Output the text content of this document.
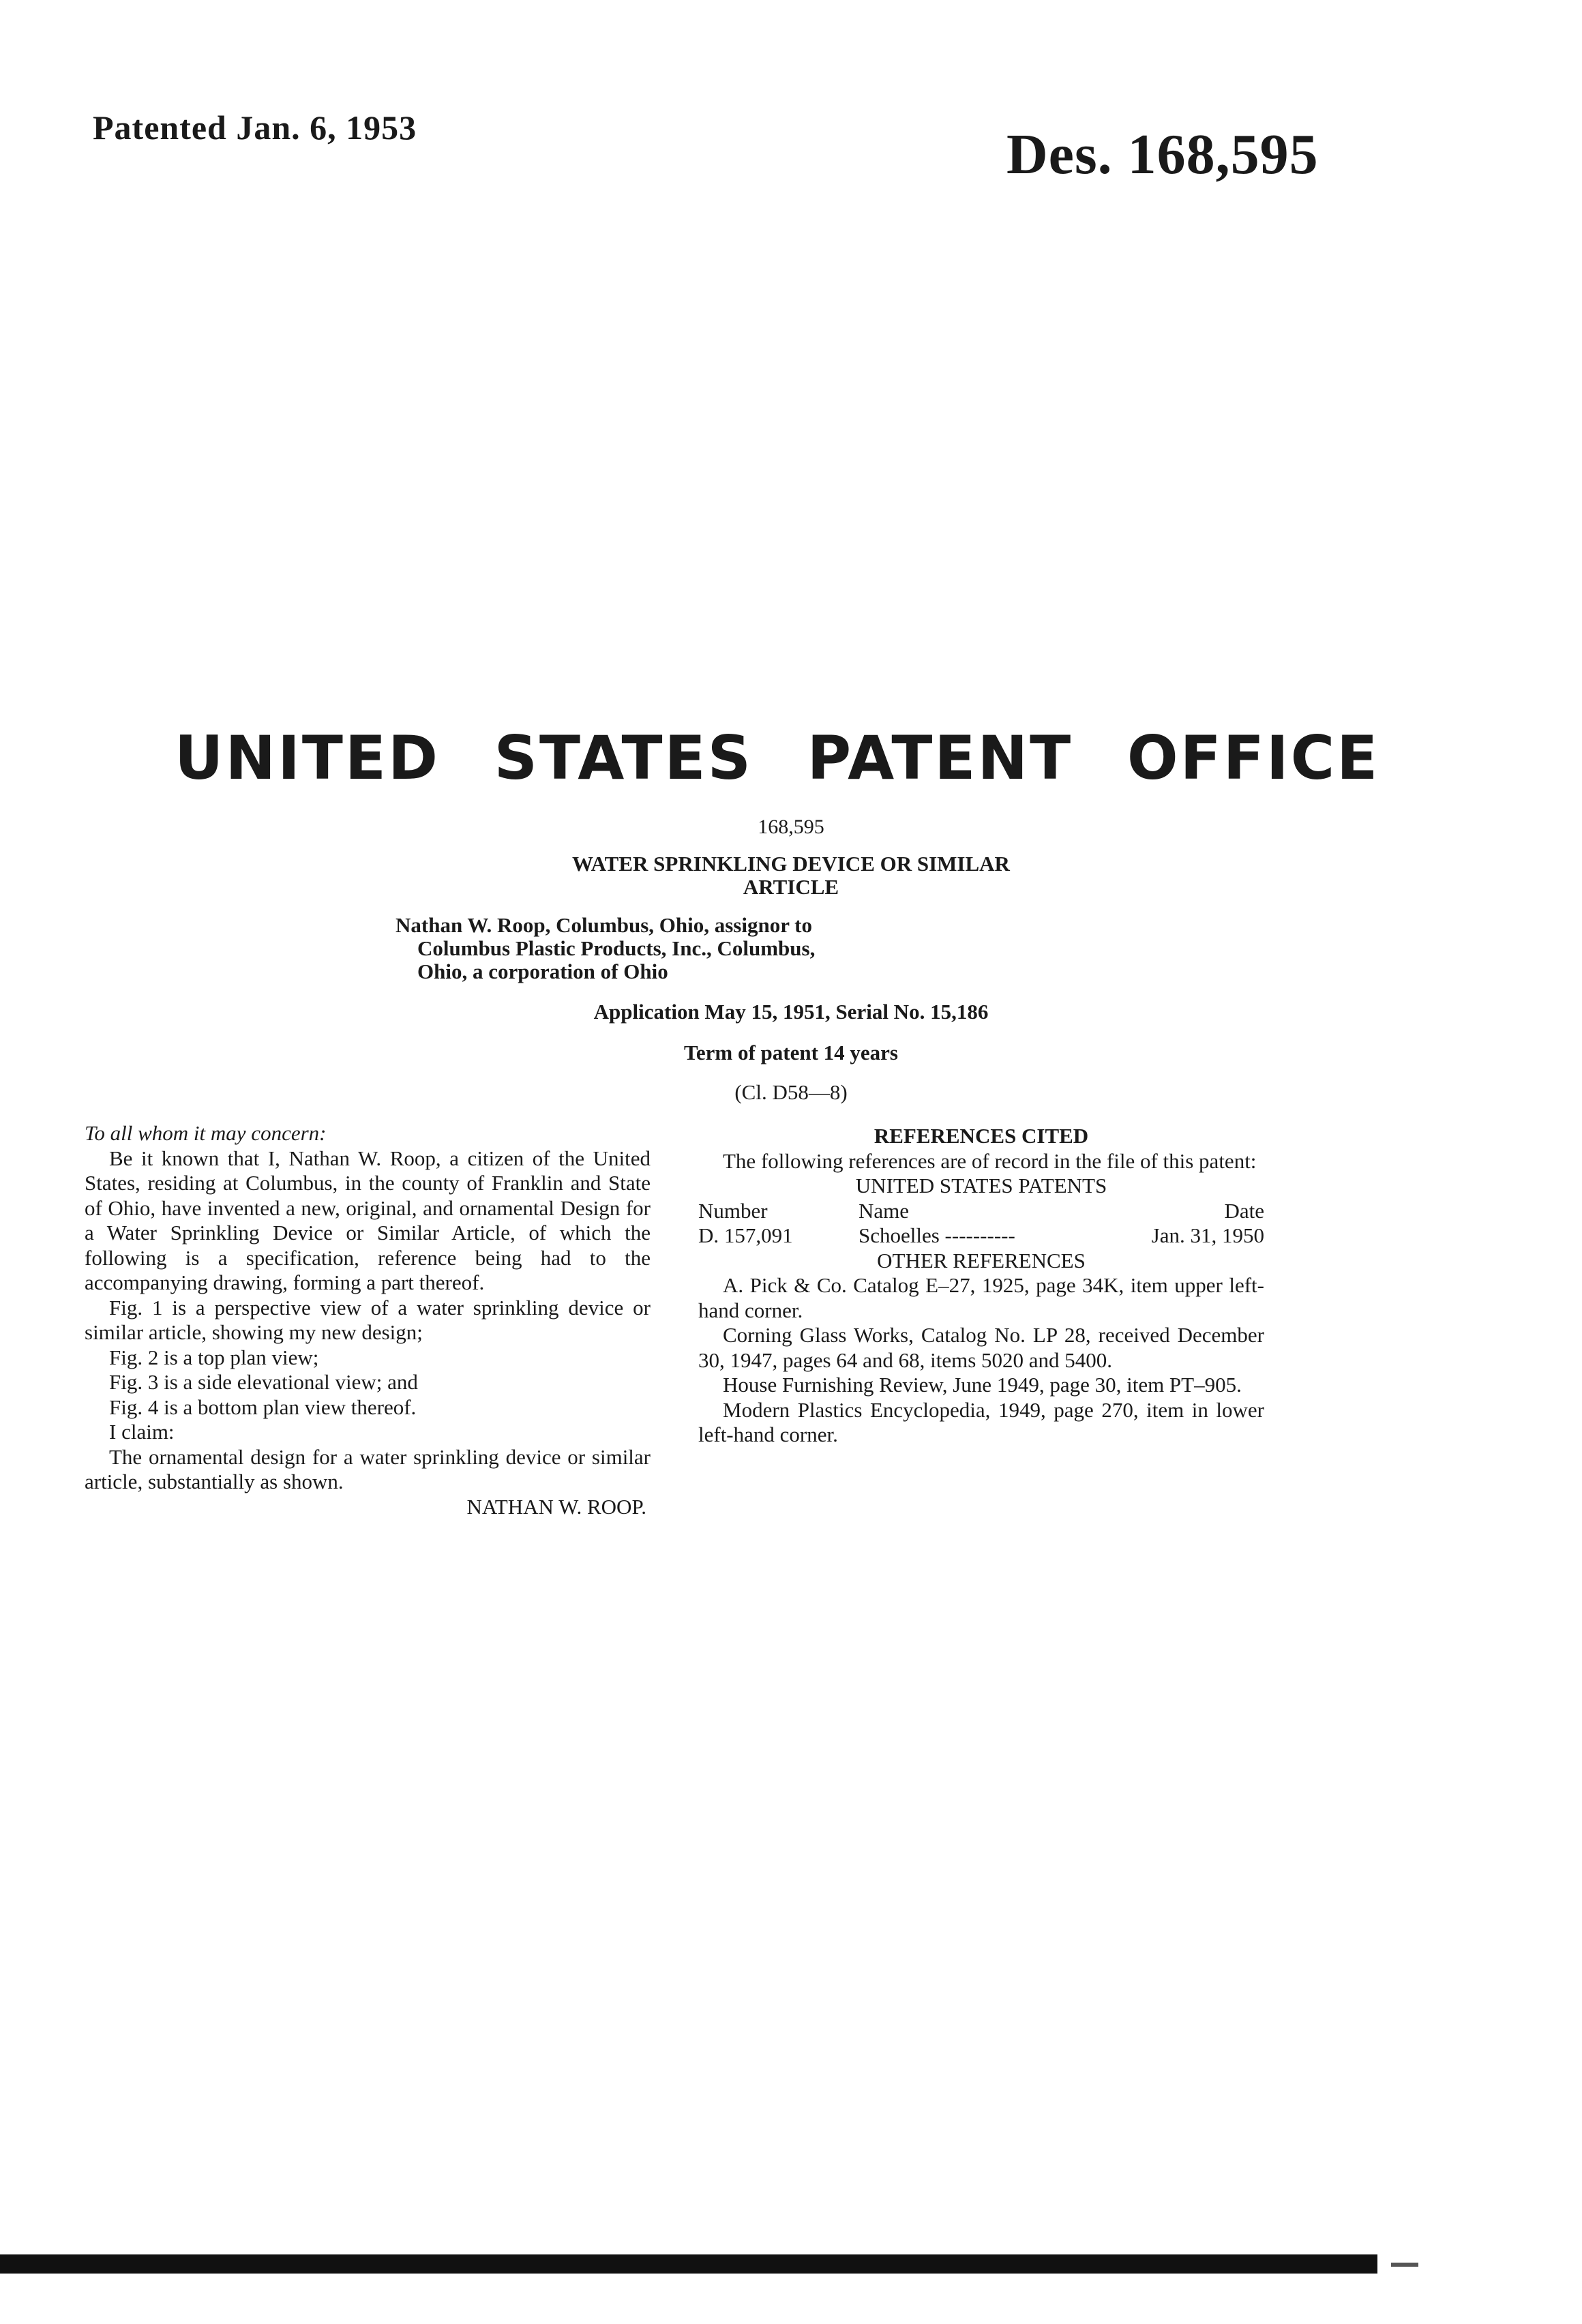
Patented Jan. 6, 1953	Des. 168,595
UNITED STATES PATENT OFFICE
168,595
WATER SPRINKLING DEVICE OR SIMILAR
ARTICLE

Nathan W. Roop, Columbus, Ohio, assignor to

Columbus Plastic Products, Inc., Columbus,

Ohio, a corporation of Ohio

Application May 15, 1951, Serial No. 15,186
Term of patent 14 years
(Cl. D58—8)

To all whom it may concern:

Be it known that I, Nathan W. Roop, a citizen of the United States, residing at Columbus, in the county of Franklin and State of Ohio, have invented a new, original, and ornamental Design for a Water Sprinkling Device or Similar Article, of which the following is a specification, reference being had to the accompanying drawing, forming a part thereof.

Fig. 1 is a perspective view of a water sprinkling device or similar article, showing my new design;

Fig. 2 is a top plan view;

Fig. 3 is a side elevational view; and

Fig. 4 is a bottom plan view thereof.

I claim:

The ornamental design for a water sprinkling device or similar article, substantially as shown.

NATHAN W. ROOP.

REFERENCES CITED

The following references are of record in the file of this patent:

UNITED STATES PATENTS

Number	Name	Date
D. 157,091	Schoelles ----------	Jan. 31, 1950

OTHER REFERENCES

A. Pick & Co. Catalog E–27, 1925, page 34K, item upper left-hand corner.

Corning Glass Works, Catalog No. LP 28, received December 30, 1947, pages 64 and 68, items 5020 and 5400.

House Furnishing Review, June 1949, page 30, item PT–905.

Modern Plastics Encyclopedia, 1949, page 270, item in lower left-hand corner.
